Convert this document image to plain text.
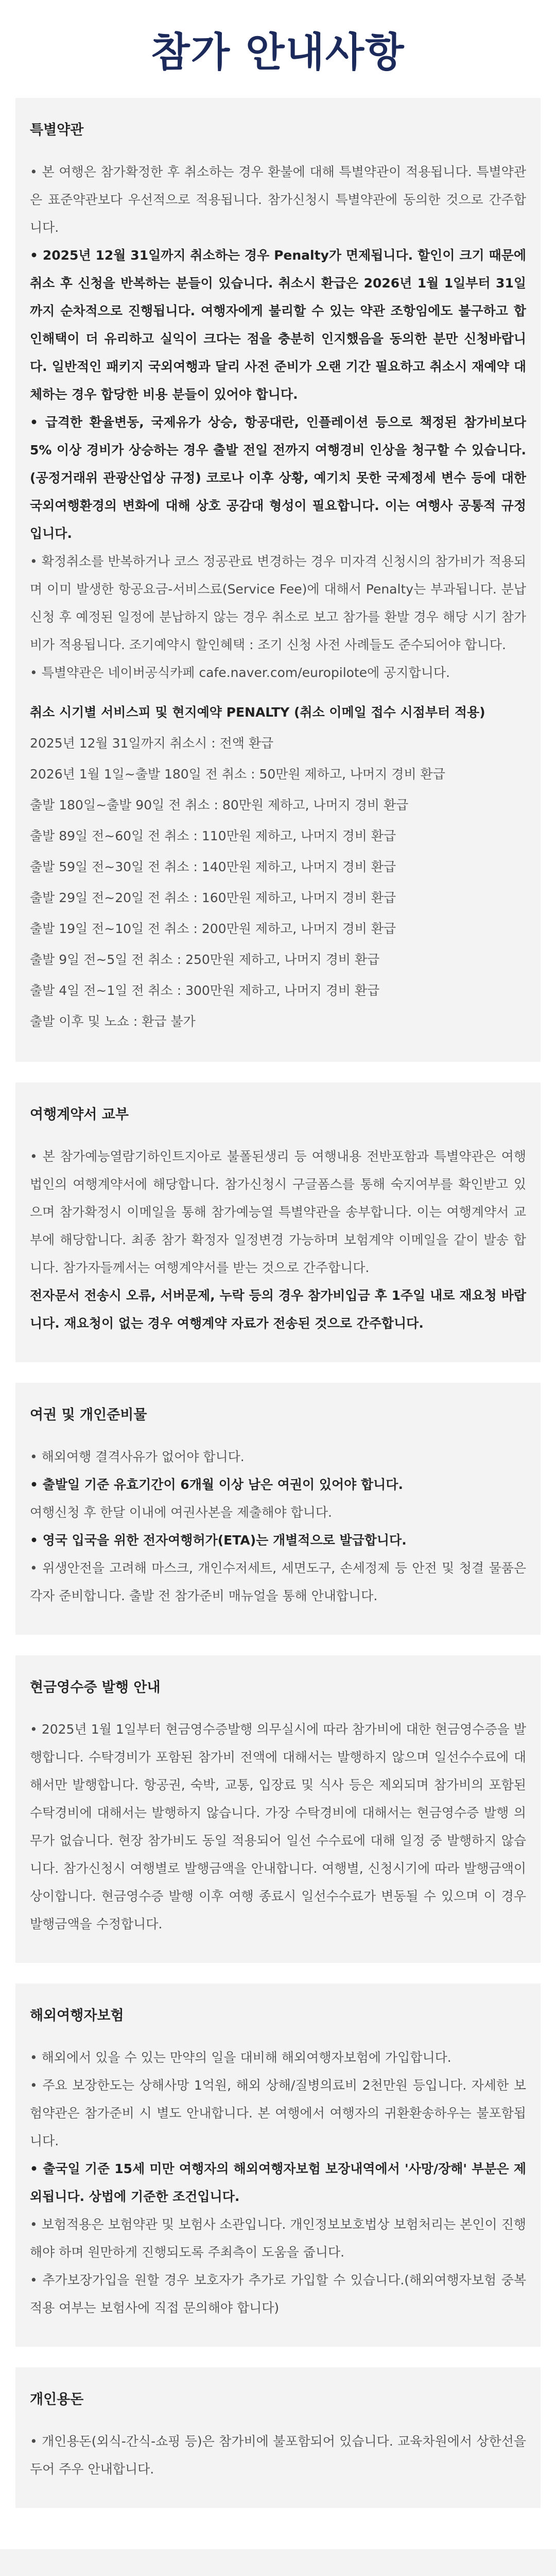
참가 안내사항
특별약관

• 본 여행은 참가확정한 후 취소하는 경우 환불에 대해 특별약관이 적용됩니다. 특별약관은 표준약관보다 우선적으로 적용됩니다. 참가신청시 특별약관에 동의한 것으로 간주합니다.

• 2025년 12월 31일까지 취소하는 경우 Penalty가 면제됩니다. 할인이 크기 때문에 취소 후 신청을 반복하는 분들이 있습니다. 취소시 환급은 2026년 1월 1일부터 31일까지 순차적으로 진행됩니다. 여행자에게 불리할 수 있는 약관 조항임에도 불구하고 합인해택이 더 유리하고 실익이 크다는 점을 충분히 인지했음을 동의한 분만 신청바랍니다. 일반적인 패키지 국외여행과 달리 사전 준비가 오랜 기간 필요하고 취소시 재예약 대체하는 경우 합당한 비용 분들이 있어야 합니다.

• 급격한 환율변동, 국제유가 상승, 항공대란, 인플레이션 등으로 책정된 참가비보다 5% 이상 경비가 상승하는 경우 출발 전일 전까지 여행경비 인상을 청구할 수 있습니다.(공정거래위 관광산업상 규정) 코로나 이후 상황, 예기치 못한 국제정세 변수 등에 대한 국외여행환경의 변화에 대해 상호 공감대 형성이 필요합니다. 이는 여행사 공통적 규정입니다.

• 확정취소를 반복하거나 코스 정공관료 변경하는 경우 미자격 신청시의 참가비가 적용되며 이미 발생한 항공요금-서비스료(Service Fee)에 대해서 Penalty는 부과됩니다. 분납신청 후 예정된 일정에 분납하지 않는 경우 취소로 보고 참가를 환발 경우 해당 시기 참가비가 적용됩니다. 조기예약시 할인혜택 : 조기 신청 사전 사례들도 준수되어야 합니다.

• 특별약관은 네이버공식카페 cafe.naver.com/europilote에 공지합니다.

취소 시기별 서비스피 및 현지예약 PENALTY (취소 이메일 접수 시점부터 적용)
2025년 12월 31일까지 취소시 : 전액 환급
2026년 1월 1일~출발 180일 전 취소 : 50만원 제하고, 나머지 경비 환급
출발 180일~출발 90일 전 취소 : 80만원 제하고, 나머지 경비 환급
출발 89일 전~60일 전 취소 : 110만원 제하고, 나머지 경비 환급
출발 59일 전~30일 전 취소 : 140만원 제하고, 나머지 경비 환급
출발 29일 전~20일 전 취소 : 160만원 제하고, 나머지 경비 환급
출발 19일 전~10일 전 취소 : 200만원 제하고, 나머지 경비 환급
출발 9일 전~5일 전 취소 : 250만원 제하고, 나머지 경비 환급
출발 4일 전~1일 전 취소 : 300만원 제하고, 나머지 경비 환급
출발 이후 및 노쇼 : 환급 불가
여행계약서 교부

• 본 참가예능열람기하인트지아로 불폴된생리 등 여행내용 전반포함과 특별약관은 여행법인의 여행계약서에 해당합니다. 참가신청시 구글폼스를 통해 숙지여부를 확인받고 있으며 참가확정시 이메일을 통해 참가예능열 특별약관을 송부합니다. 이는 여행계약서 교부에 해당합니다. 최종 참가 확정자 일정변경 가능하며 보험계약 이메일을 같이 발송 합니다. 참가자들께서는 여행계약서를 받는 것으로 간주합니다.

전자문서 전송시 오류, 서버문제, 누락 등의 경우 참가비입금 후 1주일 내로 재요청 바랍니다. 재요청이 없는 경우 여행계약 자료가 전송된 것으로 간주합니다.

여권 및 개인준비물

• 해외여행 결격사유가 없어야 합니다.

• 출발일 기준 유효기간이 6개월 이상 남은 여권이 있어야 합니다.

여행신청 후 한달 이내에 여권사본을 제출해야 합니다.

• 영국 입국을 위한 전자여행허가(ETA)는 개별적으로 발급합니다.

• 위생안전을 고려해 마스크, 개인수저세트, 세면도구, 손세정제 등 안전 및 청결 물품은 각자 준비합니다. 출발 전 참가준비 매뉴얼을 통해 안내합니다.

현금영수증 발행 안내

• 2025년 1월 1일부터 현금영수증발행 의무실시에 따라 참가비에 대한 현금영수증을 발행합니다. 수탁경비가 포함된 참가비 전액에 대해서는 발행하지 않으며 일선수수료에 대해서만 발행합니다. 항공권, 숙박, 교통, 입장료 및 식사 등은 제외되며 참가비의 포함된 수탁경비에 대해서는 발행하지 않습니다. 가장 수탁경비에 대해서는 현금영수증 발행 의무가 없습니다. 현장 참가비도 동일 적용되어 일선 수수료에 대해 일정 중 발행하지 않습니다. 참가신청시 여행별로 발행금액을 안내합니다. 여행별, 신청시기에 따라 발행금액이 상이합니다. 현금영수증 발행 이후 여행 종료시 일선수수료가 변동될 수 있으며 이 경우 발행금액을 수정합니다.

해외여행자보험

• 해외에서 있을 수 있는 만약의 일을 대비해 해외여행자보험에 가입합니다.

• 주요 보장한도는 상해사망 1억원, 해외 상해/질병의료비 2천만원 등입니다. 자세한 보험약관은 참가준비 시 별도 안내합니다. 본 여행에서 여행자의 귀환환송하우는 불포함됩니다.

• 출국일 기준 15세 미만 여행자의 해외여행자보험 보장내역에서 '사망/장해' 부분은 제외됩니다. 상법에 기준한 조건입니다.

• 보험적용은 보험약관 및 보험사 소관입니다. 개인정보보호법상 보험처리는 본인이 진행해야 하며 원만하게 진행되도록 주최측이 도움을 줍니다.

• 추가보장가입을 원할 경우 보호자가 추가로 가입할 수 있습니다.(해외여행자보험 중복적용 여부는 보험사에 직접 문의해야 합니다)

개인용돈

• 개인용돈(외식-간식-쇼핑 등)은 참가비에 불포함되어 있습니다. 교육차원에서 상한선을 두어 주우 안내합니다.
